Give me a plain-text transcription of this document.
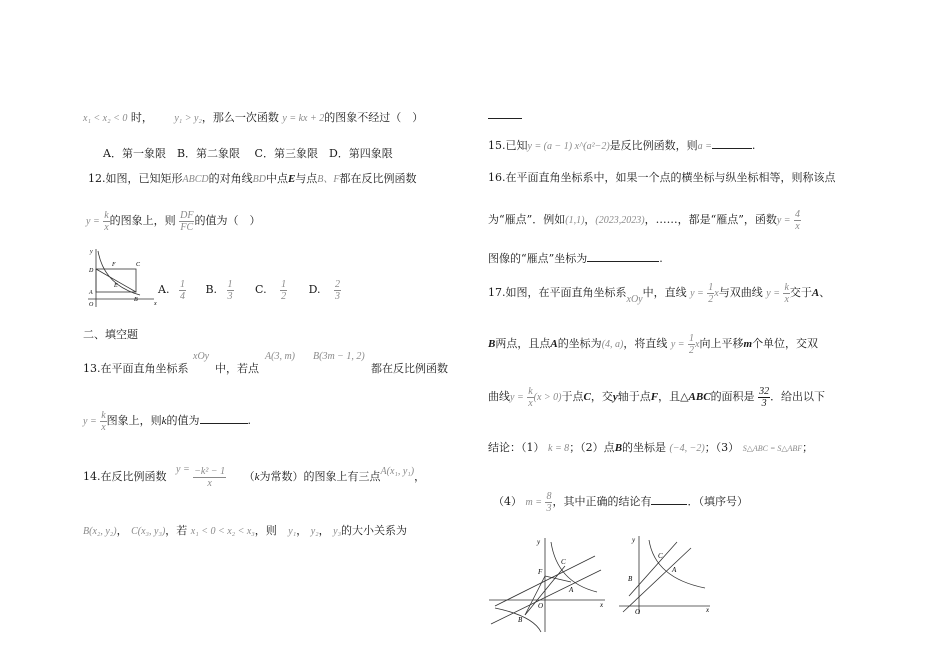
x₁ < x₂ < 0 时， y₁ > y₂，那么一次函数 y = kx + 2的图象不经过（　）
A．第一象限　B．第二象限　 C．第三象限　D．第四象限
12.如图，已知矩形ABCD的对角线BD中点E与点B、F都在反比例函数
$y = \frac{k}{x}$ 的图象上，则 $\frac{DF}{FC}$ 的值为（　）
y
D
F	C
E
A
B
O	x
A. $\frac{1}{4} B$. $\frac{1}{3} C$. $\frac{1}{2} D$. $\frac{2}{3}$
二、填空题
13.在平面直角坐标系
xOy
中，若点
A(3, m) B(3m − 1, 2)
都在反比例函数
$y = \frac{k}{x}$ 图象上，则k的值为	.
14.在反比例函数 $y = \frac{\text{−k² − 1}}{x} (k$为常数）的图象上有三点A(x₁, y₁)，
B(x₂, y₂)， C(x₃, y₃)，若 x₁ < 0 < x₂ < x₃，则 y₁， y₂， y₃的大小关系为
15.已知y = (a − 1) x^(a²−2)是反比例函数，则a =	.
16.在平面直角坐标系中，如果一个点的横坐标与纵坐标相等，则称该点
为“雁点”．例如(1,1)，(2023,2023)，……，都是“雁点”，函数$y = \frac{4}{x}$
图像的“雁点”坐标为	.
17.如图，在平面直角坐标系xOy中，直线 $y = \frac{1}{2}$ x与双曲线 $y = \frac{k}{x}$ 交于A、
B两点，且点A的坐标为(4, a)，将直线 $y = \frac{1}{2}$ x向上平移m个单位，交双
曲线$y = \frac{k}{x} (x > 0)$于点C，交y轴于点F，且△ABC的面积是 $\frac{32}{3}$ ．给出以下
结论：（1） k = 8；（2）点B的坐标是 (−4, −2)；（3） S△ABC = S△ABF；
（4） $m = \frac{8}{3}$ ，其中正确的结论有	．（填序号）
y
C
F
A
O	x
B
y
C
A
B
O	x
